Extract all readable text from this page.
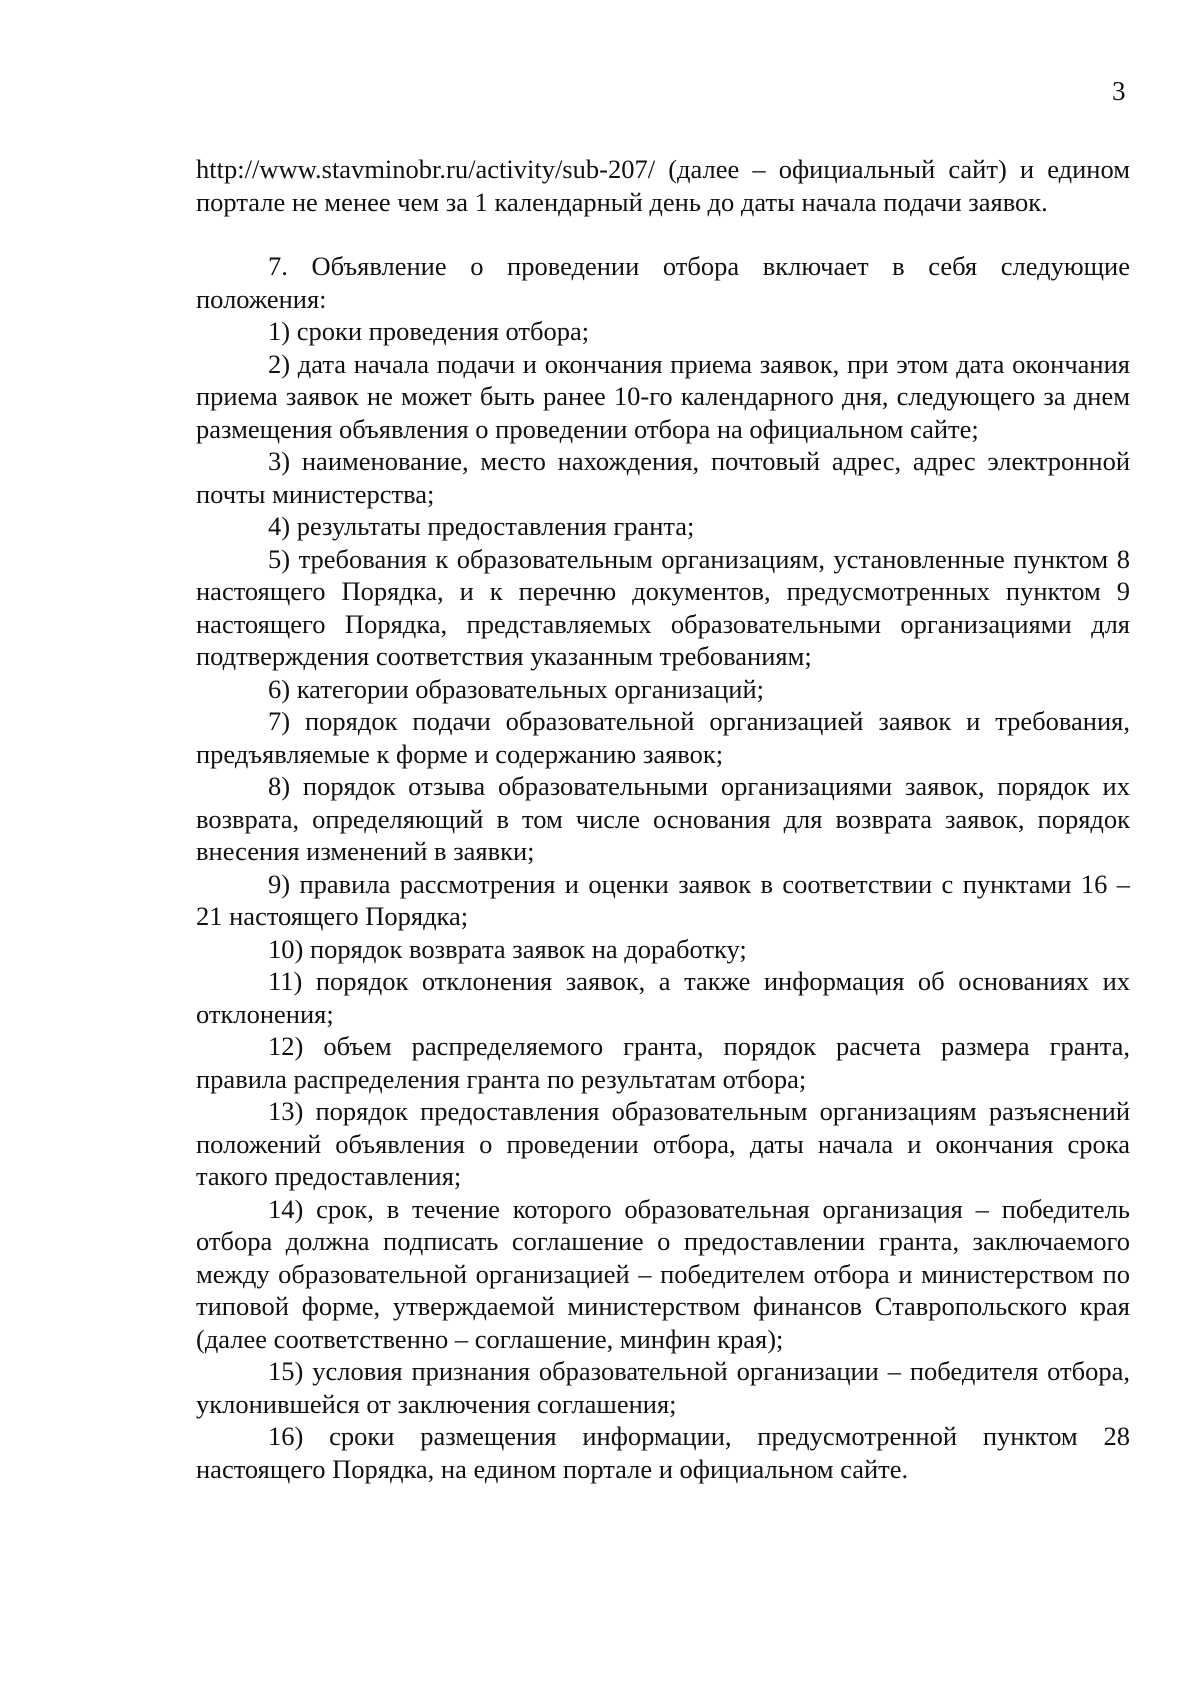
3

http://www.stavminobr.ru/activity/sub-207/ (далее – официальный сайт) и едином портале не менее чем за 1 календарный день до даты начала подачи заявок.

7. Объявление о проведении отбора включает в себя следующие положения:

1) сроки проведения отбора;

2) дата начала подачи и окончания приема заявок, при этом дата окончания приема заявок не может быть ранее 10-го календарного дня, следующего за днем размещения объявления о проведении отбора на официальном сайте;

3) наименование, место нахождения, почтовый адрес, адрес электронной почты министерства;

4) результаты предоставления гранта;

5) требования к образовательным организациям, установленные пунктом 8 настоящего Порядка, и к перечню документов, предусмотренных пунктом 9 настоящего Порядка, представляемых образовательными организациями для подтверждения соответствия указанным требованиям;

6) категории образовательных организаций;

7) порядок подачи образовательной организацией заявок и требования, предъявляемые к форме и содержанию заявок;

8) порядок отзыва образовательными организациями заявок, порядок их возврата, определяющий в том числе основания для возврата заявок, порядок внесения изменений в заявки;

9) правила рассмотрения и оценки заявок в соответствии с пунктами 16 – 21 настоящего Порядка;

10) порядок возврата заявок на доработку;

11) порядок отклонения заявок, а также информация об основаниях их отклонения;

12) объем распределяемого гранта, порядок расчета размера гранта, правила распределения гранта по результатам отбора;

13) порядок предоставления образовательным организациям разъяснений положений объявления о проведении отбора, даты начала и окончания срока такого предоставления;

14) срок, в течение которого образовательная организация – победитель отбора должна подписать соглашение о предоставлении гранта, заключаемого между образовательной организацией – победителем отбора и министерством по типовой форме, утверждаемой министерством финансов Ставропольского края (далее соответственно – соглашение, минфин края);

15) условия признания образовательной организации – победителя отбора, уклонившейся от заключения соглашения;

16) сроки размещения информации, предусмотренной пунктом 28 настоящего Порядка, на едином портале и официальном сайте.
